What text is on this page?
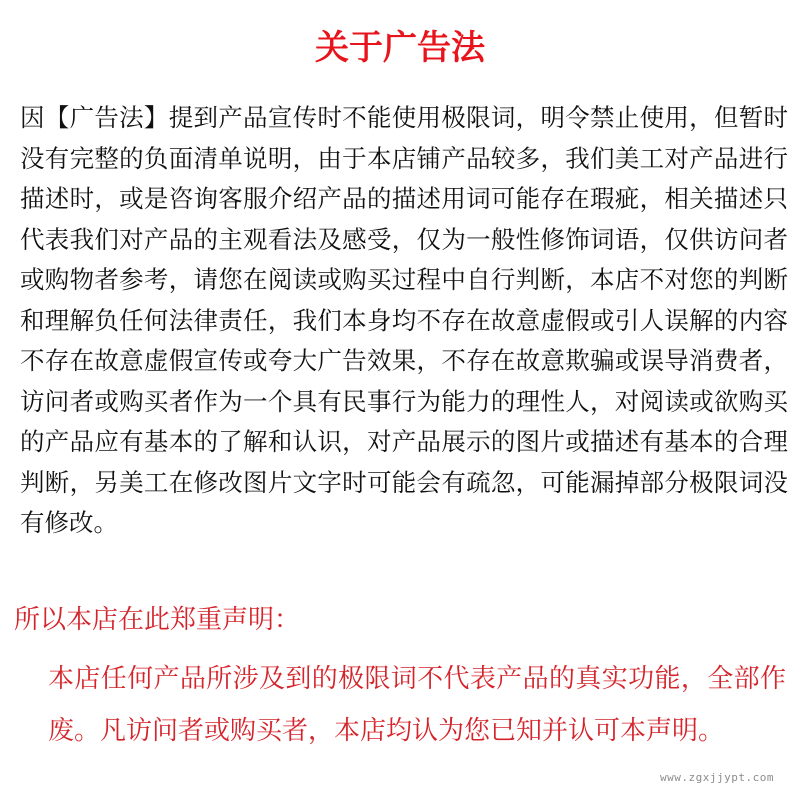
关于广告法

因【广告法】提到产品宣传时不能使用极限词，明令禁止使用，但暂时没有完整的负面清单说明，由于本店铺产品较多，我们美工对产品进行描述时，或是咨询客服介绍产品的描述用词可能存在瑕疵，相关描述只代表我们对产品的主观看法及感受，仅为一般性修饰词语，仅供访问者或购物者参考，请您在阅读或购买过程中自行判断，本店不对您的判断和理解负任何法律责任，我们本身均不存在故意虚假或引人误解的内容不存在故意虚假宣传或夸大广告效果，不存在故意欺骗或误导消费者，访问者或购买者作为一个具有民事行为能力的理性人，对阅读或欲购买的产品应有基本的了解和认识，对产品展示的图片或描述有基本的合理判断，另美工在修改图片文字时可能会有疏忽，可能漏掉部分极限词没有修改。

所以本店在此郑重声明：

本店任何产品所涉及到的极限词不代表产品的真实功能，全部作废。凡访问者或购买者，本店均认为您已知并认可本声明。

www.zgxjjypt.com
